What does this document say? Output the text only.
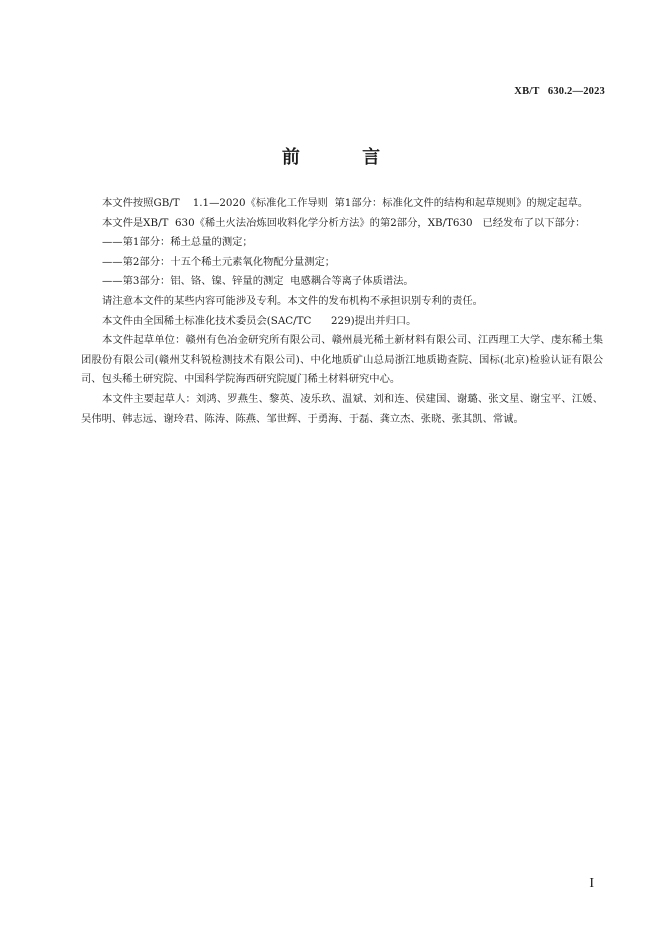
XB/T   630.2—2023
前 言

本文件按照GB/T    1.1—2020《标准化工作导则  第1部分：标准化文件的结构和起草规则》的规定起草。

本文件是XB/T  630《稀土火法冶炼回收料化学分析方法》的第2部分，XB/T630   已经发布了以下部分：

——第1部分：稀土总量的测定；

——第2部分：十五个稀土元素氧化物配分量测定；

——第3部分：铝、铬、镍、锌量的测定  电感耦合等离子体质谱法。

请注意本文件的某些内容可能涉及专利。本文件的发布机构不承担识别专利的责任。

本文件由全国稀土标准化技术委员会(SAC/TC      229)提出并归口。

本文件起草单位：赣州有色冶金研究所有限公司、赣州晨光稀土新材料有限公司、江西理工大学、虔东稀土集团股份有限公司(赣州艾科锐检测技术有限公司)、中化地质矿山总局浙江地质勘查院、国标(北京)检验认证有限公司、包头稀土研究院、中国科学院海西研究院厦门稀土材料研究中心。

本文件主要起草人：刘鸿、罗燕生、黎英、凌乐玖、温斌、刘和连、侯建国、谢璐、张文星、谢宝平、江媛、吴伟明、韩志远、谢玲君、陈涛、陈燕、邹世辉、于勇海、于磊、龚立杰、张晓、张其凯、常诚。

I
